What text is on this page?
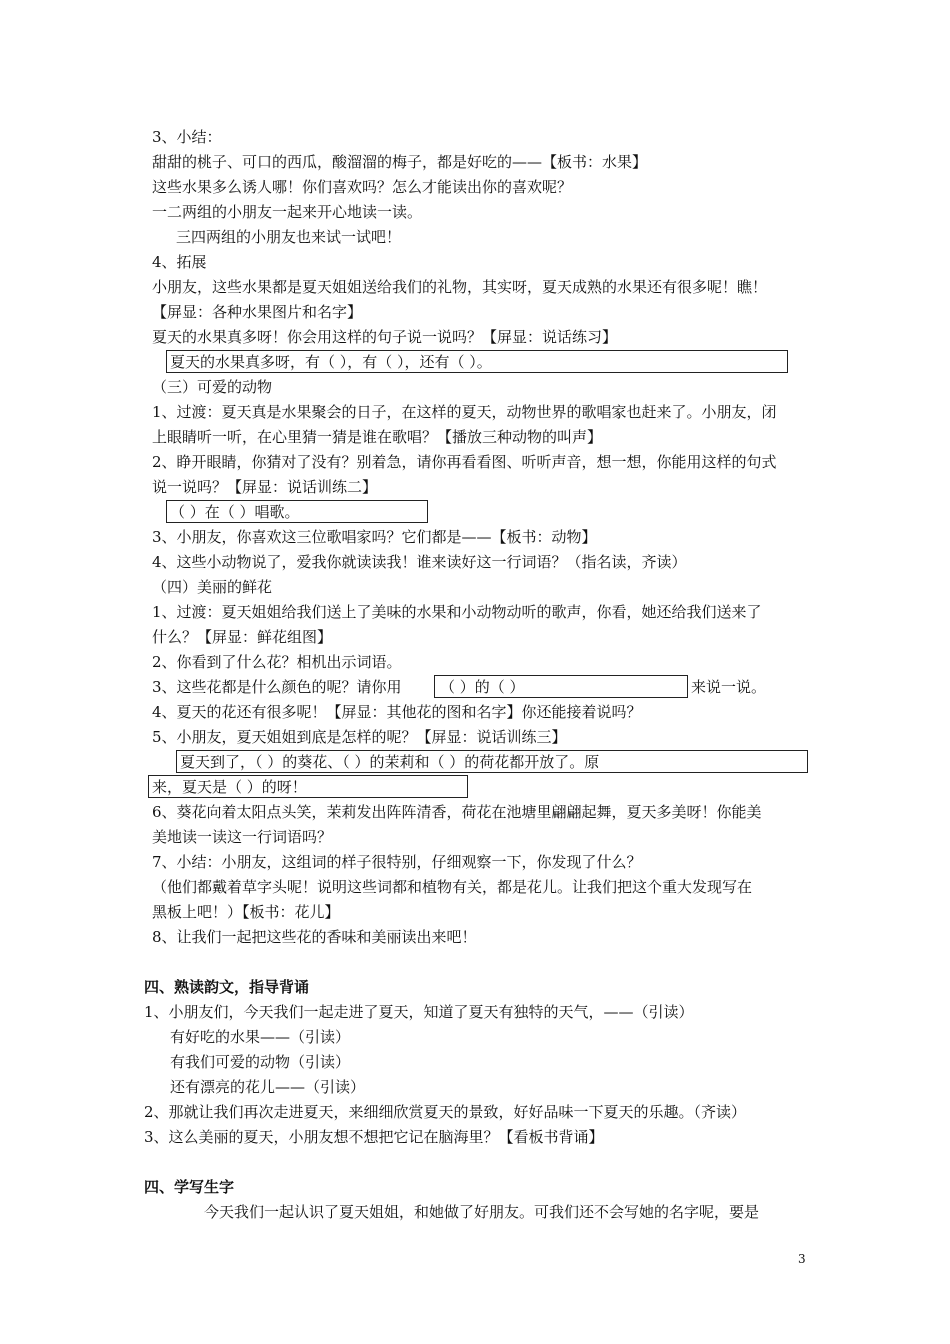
3、小结：
甜甜的桃子、可口的西瓜，酸溜溜的梅子，都是好吃的——【板书：水果】
这些水果多么诱人哪！你们喜欢吗？怎么才能读出你的喜欢呢？
一二两组的小朋友一起来开心地读一读。
三四两组的小朋友也来试一试吧！
4、拓展
小朋友，这些水果都是夏天姐姐送给我们的礼物，其实呀，夏天成熟的水果还有很多呢！瞧！
【屏显：各种水果图片和名字】
夏天的水果真多呀！你会用这样的句子说一说吗？【屏显：说话练习】
夏天的水果真多呀，有（ ），有（ ），还有（ ）。
（三）可爱的动物
1、过渡：夏天真是水果聚会的日子，在这样的夏天，动物世界的歌唱家也赶来了。小朋友，闭
上眼睛听一听，在心里猜一猜是谁在歌唱？【播放三种动物的叫声】
2、睁开眼睛，你猜对了没有？别着急，请你再看看图、听听声音，想一想，你能用这样的句式
说一说吗？【屏显：说话训练二】
（ ）在（ ）唱歌。
3、小朋友，你喜欢这三位歌唱家吗？它们都是——【板书：动物】
4、这些小动物说了，爱我你就读读我！谁来读好这一行词语？（指名读，齐读）
（四）美丽的鲜花
1、过渡：夏天姐姐给我们送上了美味的水果和小动物动听的歌声，你看，她还给我们送来了
什么？【屏显：鲜花组图】
2、你看到了什么花？相机出示词语。
3、这些花都是什么颜色的呢？请你用	（ ）的（ ）	来说一说。
4、夏天的花还有很多呢！【屏显：其他花的图和名字】你还能接着说吗？
5、小朋友，夏天姐姐到底是怎样的呢？【屏显：说话训练三】
夏天到了，（ ）的葵花、（ ）的茉莉和（ ）的荷花都开放了。原
来，夏天是（ ）的呀！
6、葵花向着太阳点头笑，茉莉发出阵阵清香，荷花在池塘里翩翩起舞，夏天多美呀！你能美
美地读一读这一行词语吗？
7、小结：小朋友，这组词的样子很特别，仔细观察一下，你发现了什么？
（他们都戴着草字头呢！说明这些词都和植物有关，都是花儿。让我们把这个重大发现写在
黑板上吧！）【板书：花儿】
8、让我们一起把这些花的香味和美丽读出来吧！
四、熟读韵文，指导背诵
1、小朋友们，今天我们一起走进了夏天，知道了夏天有独特的天气，——（引读）
有好吃的水果——（引读）
有我们可爱的动物（引读）
还有漂亮的花儿——（引读）
2、那就让我们再次走进夏天，来细细欣赏夏天的景致，好好品味一下夏天的乐趣。（齐读）
3、这么美丽的夏天，小朋友想不想把它记在脑海里？【看板书背诵】
四、学写生字
今天我们一起认识了夏天姐姐，和她做了好朋友。可我们还不会写她的名字呢，要是
3
